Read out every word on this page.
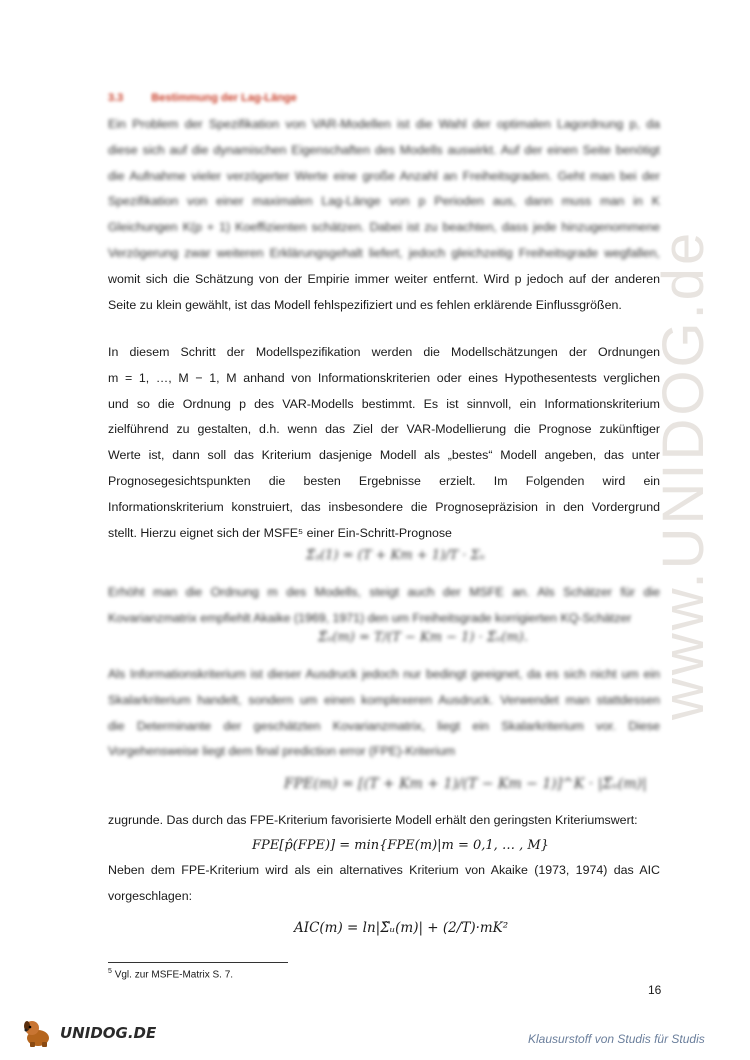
www.UNIDOG.de
3.3	Bestimmung der Lag-Länge
Ein Problem der Spezifikation von VAR-Modellen ist die Wahl der optimalen Lagordnung p, da
diese sich auf die dynamischen Eigenschaften des Modells auswirkt. Auf der einen Seite benötigt
die Aufnahme vieler verzögerter Werte eine große Anzahl an Freiheitsgraden. Geht man bei der
Spezifikation von einer maximalen Lag-Länge von p Perioden aus, dann muss man in K
Gleichungen K(p + 1) Koeffizienten schätzen. Dabei ist zu beachten, dass jede hinzugenommene
Verzögerung zwar weiteren Erklärungsgehalt liefert, jedoch gleichzeitig Freiheitsgrade wegfallen,
womit sich die Schätzung von der Empirie immer weiter entfernt. Wird p jedoch auf der anderen
Seite zu klein gewählt, ist das Modell fehlspezifiziert und es fehlen erklärende Einflussgrößen.
In diesem Schritt der Modellspezifikation werden die Modellschätzungen der Ordnungen
m = 1, …, M − 1, M anhand von Informationskriterien oder eines Hypothesentests verglichen
und so die Ordnung p des VAR-Modells bestimmt. Es ist sinnvoll, ein Informationskriterium
zielführend zu gestalten, d.h. wenn das Ziel der VAR-Modellierung die Prognose zukünftiger
Werte ist, dann soll das Kriterium dasjenige Modell als „bestes“ Modell angeben, das unter
Prognosegesichtspunkten die besten Ergebnisse erzielt. Im Folgenden wird ein
Informationskriterium konstruiert, das insbesondere die Prognosepräzision in den Vordergrund
stellt. Hierzu eignet sich der MSFE⁵ einer Ein-Schritt-Prognose
Σ̂ᵧ(1) = (T + Km + 1)/T · Σᵤ
Erhöht man die Ordnung m des Modells, steigt auch der MSFE an. Als Schätzer für die
Kovarianzmatrix empfiehlt Akaike (1969, 1971) den um Freiheitsgrade korrigierten KQ-Schätzer
Σ̂ᵤ(m) = T/(T − Km − 1) · Σ̃ᵤ(m).
Als Informationskriterium ist dieser Ausdruck jedoch nur bedingt geeignet, da es sich nicht um ein
Skalarkriterium handelt, sondern um einen komplexeren Ausdruck. Verwendet man stattdessen
die Determinante der geschätzten Kovarianzmatrix, liegt ein Skalarkriterium vor. Diese
Vorgehensweise liegt dem final prediction error (FPE)-Kriterium
FPE(m) = [(T + Km + 1)/(T − Km − 1)]^K · |Σ̃ᵤ(m)|
zugrunde. Das durch das FPE-Kriterium favorisierte Modell erhält den geringsten Kriteriumswert:
FPE[p̂(FPE)] = min{FPE(m)|m = 0,1, … , M}
Neben dem FPE-Kriterium wird als ein alternatives Kriterium von Akaike (1973, 1974) das AIC
vorgeschlagen:
AIC(m) = ln|Σ̃ᵤ(m)| + (2/T)·mK²
$^5$ Vgl. zur MSFE-Matrix S. 7.
16
UNIDOG.DE	Klausurstoff von Studis für Studis
